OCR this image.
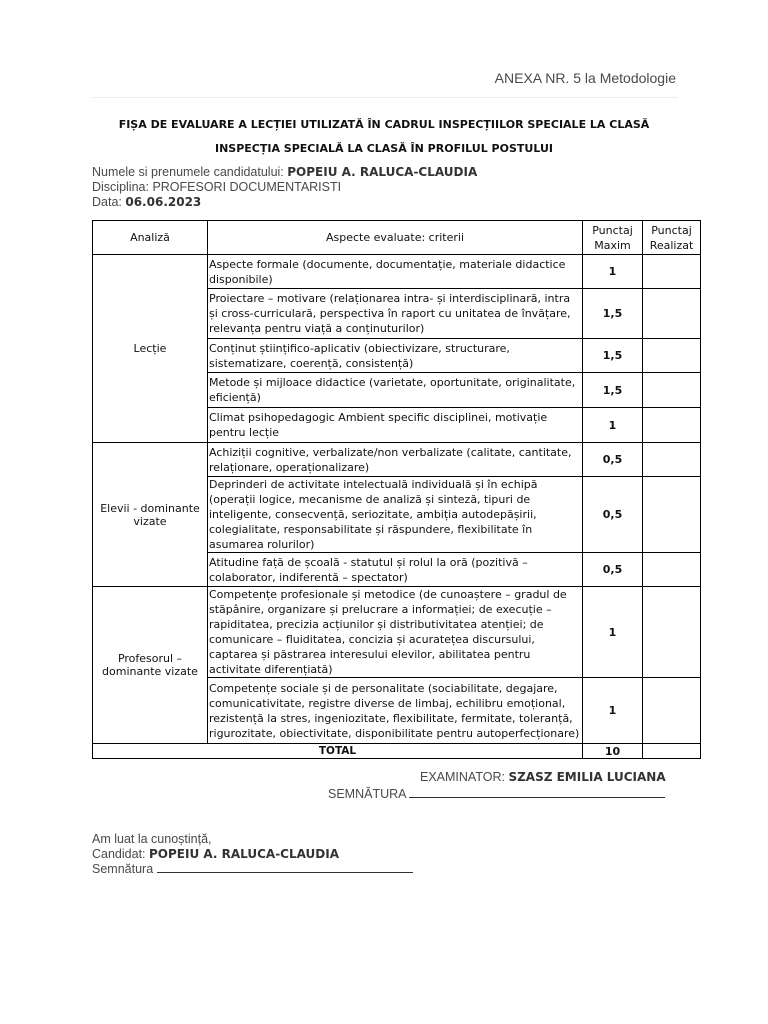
ANEXA NR. 5 la Metodologie
FIȘA DE EVALUARE A LECȚIEI UTILIZATĂ ÎN CADRUL INSPECȚIILOR SPECIALE LA CLASĂ
INSPECȚIA SPECIALĂ LA CLASĂ ÎN PROFILUL POSTULUI
Numele si prenumele candidatului: POPEIU A. RALUCA-CLAUDIA
Disciplina: PROFESORI DOCUMENTARISTI
Data: 06.06.2023
Analiză	Aspecte evaluate: criterii	Punctaj Maxim	Punctaj Realizat
Lecție	Aspecte formale (documente, documentație, materiale didactice disponibile)	1	
	Proiectare – motivare (relaționarea intra- și interdisciplinară, intra și cross-curriculară, perspectiva în raport cu unitatea de învățare, relevanța pentru viață a conținuturilor)	1,5	
	Conținut științifico-aplicativ (obiectivizare, structurare, sistematizare, coerență, consistență)	1,5	
	Metode și mijloace didactice (varietate, oportunitate, originalitate, eficiență)	1,5	
	Climat psihopedagogic Ambient specific disciplinei, motivație pentru lecție	1	
Elevii - dominante vizate	Achiziții cognitive, verbalizate/non verbalizate (calitate, cantitate, relaționare, operaționalizare)	0,5	
	Deprinderi de activitate intelectuală individuală și în echipă (operații logice, mecanisme de analiză și sinteză, tipuri de inteligente, consecvență, seriozitate, ambiția autodepășirii, colegialitate, responsabilitate și răspundere, flexibilitate în asumarea rolurilor)	0,5	
	Atitudine față de școală - statutul și rolul la oră (pozitivă – colaborator, indiferentă – spectator)	0,5	
Profesorul – dominante vizate	Competențe profesionale și metodice (de cunoaștere – gradul de stăpânire, organizare și prelucrare a informației; de execuție – rapiditatea, precizia acțiunilor și distributivitatea atenției; de comunicare – fluiditatea, concizia și acuratețea discursului, captarea și păstrarea interesului elevilor, abilitatea pentru activitate diferențiată)	1	
	Competențe sociale și de personalitate (sociabilitate, degajare, comunicativitate, registre diverse de limbaj, echilibru emoțional, rezistență la stres, ingeniozitate, flexibilitate, fermitate, toleranță, rigurozitate, obiectivitate, disponibilitate pentru autoperfecționare)	1	
TOTAL		10	
EXAMINATOR: SZASZ EMILIA LUCIANA
SEMNĂTURA
Am luat la cunoștință,
Candidat: POPEIU A. RALUCA-CLAUDIA
Semnătura
